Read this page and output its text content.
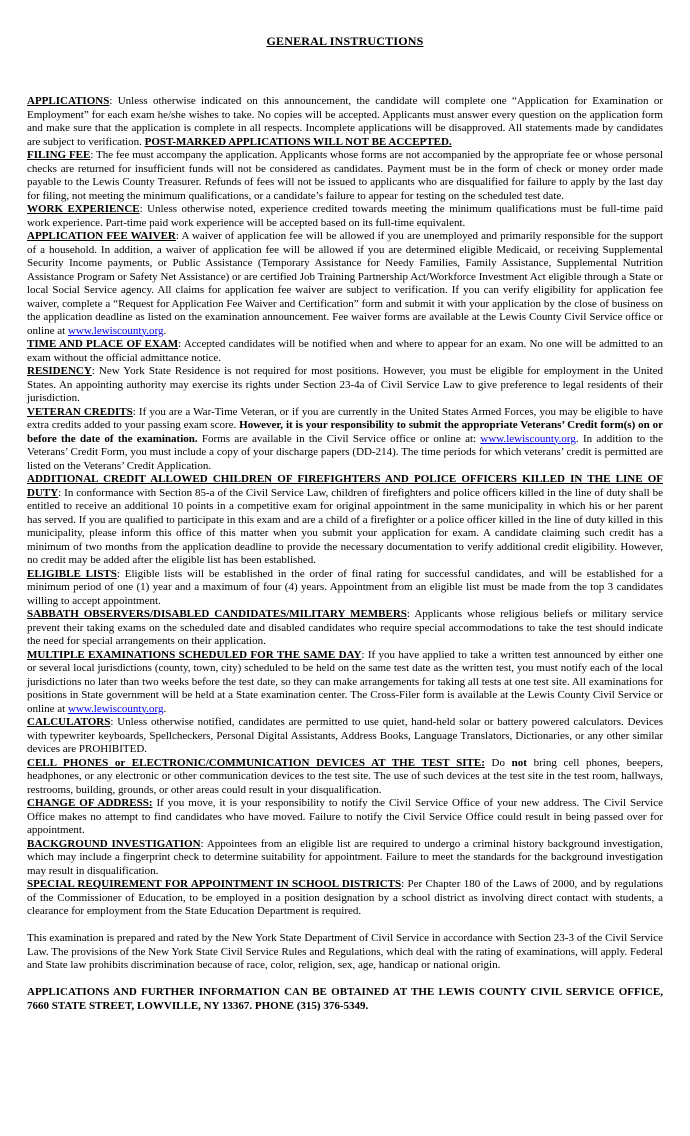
GENERAL INSTRUCTIONS

APPLICATIONS: Unless otherwise indicated on this announcement, the candidate will complete one “Application for Examination or Employment” for each exam he/she wishes to take. No copies will be accepted. Applicants must answer every question on the application form and make sure that the application is complete in all respects. Incomplete applications will be disapproved. All statements made by candidates are subject to verification. POST-MARKED APPLICATIONS WILL NOT BE ACCEPTED.

FILING FEE: The fee must accompany the application. Applicants whose forms are not accompanied by the appropriate fee or whose personal checks are returned for insufficient funds will not be considered as candidates. Payment must be in the form of check or money order made payable to the Lewis County Treasurer. Refunds of fees will not be issued to applicants who are disqualified for failure to apply by the last day for filing, not meeting the minimum qualifications, or a candidate’s failure to appear for testing on the scheduled test date.

WORK EXPERIENCE: Unless otherwise noted, experience credited towards meeting the minimum qualifications must be full-time paid work experience. Part-time paid work experience will be accepted based on its full-time equivalent.

APPLICATION FEE WAIVER: A waiver of application fee will be allowed if you are unemployed and primarily responsible for the support of a household. In addition, a waiver of application fee will be allowed if you are determined eligible Medicaid, or receiving Supplemental Security Income payments, or Public Assistance (Temporary Assistance for Needy Families, Family Assistance, Supplemental Nutrition Assistance Program or Safety Net Assistance) or are certified Job Training Partnership Act/Workforce Investment Act eligible through a State or local Social Service agency. All claims for application fee waiver are subject to verification. If you can verify eligibility for application fee waiver, complete a “Request for Application Fee Waiver and Certification” form and submit it with your application by the close of business on the application deadline as listed on the examination announcement. Fee waiver forms are available at the Lewis County Civil Service office or online at www.lewiscounty.org.

TIME AND PLACE OF EXAM: Accepted candidates will be notified when and where to appear for an exam. No one will be admitted to an exam without the official admittance notice.

RESIDENCY: New York State Residence is not required for most positions. However, you must be eligible for employment in the United States. An appointing authority may exercise its rights under Section 23-4a of Civil Service Law to give preference to legal residents of their jurisdiction.

VETERAN CREDITS: If you are a War-Time Veteran, or if you are currently in the United States Armed Forces, you may be eligible to have extra credits added to your passing exam score. However, it is your responsibility to submit the appropriate Veterans’ Credit form(s) on or before the date of the examination. Forms are available in the Civil Service office or online at: www.lewiscounty.org. In addition to the Veterans’ Credit Form, you must include a copy of your discharge papers (DD-214). The time periods for which veterans’ credit is permitted are listed on the Veterans’ Credit Application.

ADDITIONAL CREDIT ALLOWED CHILDREN OF FIREFIGHTERS AND POLICE OFFICERS KILLED IN THE LINE OF DUTY: In conformance with Section 85-a of the Civil Service Law, children of firefighters and police officers killed in the line of duty shall be entitled to receive an additional 10 points in a competitive exam for original appointment in the same municipality in which his or her parent has served. If you are qualified to participate in this exam and are a child of a firefighter or a police officer killed in the line of duty killed in this municipality, please inform this office of this matter when you submit your application for exam. A candidate claiming such credit has a minimum of two months from the application deadline to provide the necessary documentation to verify additional credit eligibility. However, no credit may be added after the eligible list has been established.

ELIGIBLE LISTS: Eligible lists will be established in the order of final rating for successful candidates, and will be established for a minimum period of one (1) year and a maximum of four (4) years. Appointment from an eligible list must be made from the top 3 candidates willing to accept appointment.

SABBATH OBSERVERS/DISABLED CANDIDATES/MILITARY MEMBERS: Applicants whose religious beliefs or military service prevent their taking exams on the scheduled date and disabled candidates who require special accommodations to take the test should indicate the need for special arrangements on their application.

MULTIPLE EXAMINATIONS SCHEDULED FOR THE SAME DAY: If you have applied to take a written test announced by either one or several local jurisdictions (county, town, city) scheduled to be held on the same test date as the written test, you must notify each of the local jurisdictions no later than two weeks before the test date, so they can make arrangements for taking all tests at one test site. All examinations for positions in State government will be held at a State examination center. The Cross-Filer form is available at the Lewis County Civil Service or online at www.lewiscounty.org.

CALCULATORS: Unless otherwise notified, candidates are permitted to use quiet, hand-held solar or battery powered calculators. Devices with typewriter keyboards, Spellcheckers, Personal Digital Assistants, Address Books, Language Translators, Dictionaries, or any other similar devices are PROHIBITED.

CELL PHONES or ELECTRONIC/COMMUNICATION DEVICES AT THE TEST SITE: Do not bring cell phones, beepers, headphones, or any electronic or other communication devices to the test site. The use of such devices at the test site in the test room, hallways, restrooms, building, grounds, or other areas could result in your disqualification.

CHANGE OF ADDRESS: If you move, it is your responsibility to notify the Civil Service Office of your new address. The Civil Service Office makes no attempt to find candidates who have moved. Failure to notify the Civil Service Office could result in being passed over for appointment.

BACKGROUND INVESTIGATION: Appointees from an eligible list are required to undergo a criminal history background investigation, which may include a fingerprint check to determine suitability for appointment. Failure to meet the standards for the background investigation may result in disqualification.

SPECIAL REQUIREMENT FOR APPOINTMENT IN SCHOOL DISTRICTS: Per Chapter 180 of the Laws of 2000, and by regulations of the Commissioner of Education, to be employed in a position designation by a school district as involving direct contact with students, a clearance for employment from the State Education Department is required.

This examination is prepared and rated by the New York State Department of Civil Service in accordance with Section 23-3 of the Civil Service Law. The provisions of the New York State Civil Service Rules and Regulations, which deal with the rating of examinations, will apply. Federal and State law prohibits discrimination because of race, color, religion, sex, age, handicap or national origin.

APPLICATIONS AND FURTHER INFORMATION CAN BE OBTAINED AT THE LEWIS COUNTY CIVIL SERVICE OFFICE, 7660 STATE STREET, LOWVILLE, NY 13367. PHONE (315) 376-5349.
